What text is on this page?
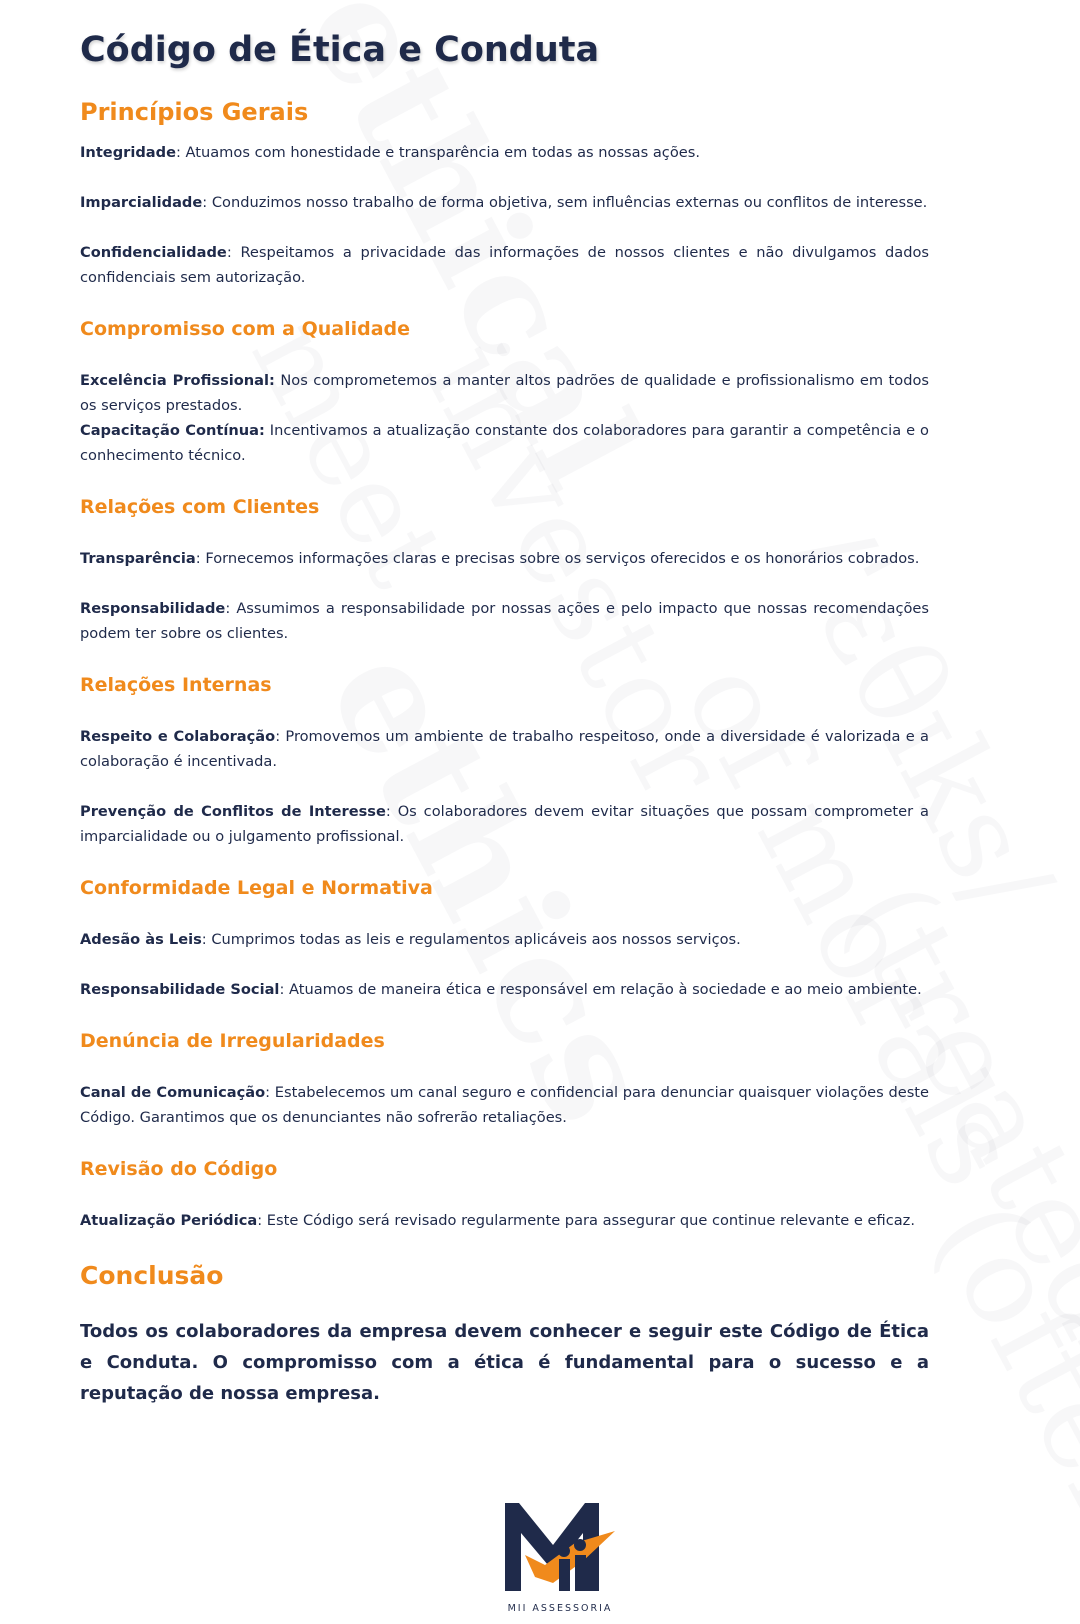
Código de Ética e Conduta
Princípios Gerais

Integridade: Atuamos com honestidade e transparência em todas as nossas ações.

Imparcialidade: Conduzimos nosso trabalho de forma objetiva, sem influências externas ou conflitos de interesse.

Confidencialidade: Respeitamos a privacidade das informações de nossos clientes e não divulgamos dados confidenciais sem autorização.

Compromisso com a Qualidade

Excelência Profissional: Nos comprometemos a manter altos padrões de qualidade e profissionalismo em todos os serviços prestados.

Capacitação Contínua: Incentivamos a atualização constante dos colaboradores para garantir a competência e o conhecimento técnico.

Relações com Clientes

Transparência: Fornecemos informações claras e precisas sobre os serviços oferecidos e os honorários cobrados.

Responsabilidade: Assumimos a responsabilidade por nossas ações e pelo impacto que nossas recomendações podem ter sobre os clientes.

Relações Internas

Respeito e Colaboração: Promovemos um ambiente de trabalho respeitoso, onde a diversidade é valorizada e a colaboração é incentivada.

Prevenção de Conflitos de Interesse: Os colaboradores devem evitar situações que possam comprometer a imparcialidade ou o julgamento profissional.

Conformidade Legal e Normativa

Adesão às Leis: Cumprimos todas as leis e regulamentos aplicáveis aos nossos serviços.

Responsabilidade Social: Atuamos de maneira ética e responsável em relação à sociedade e ao meio ambiente.

Denúncia de Irregularidades

Canal de Comunicação: Estabelecemos um canal seguro e confidencial para denunciar quaisquer violações deste Código. Garantimos que os denunciantes não sofrerão retaliações.

Revisão do Código

Atualização Periódica: Este Código será revisado regularmente para assegurar que continue relevante e eficaz.

Conclusão

Todos os colaboradores da empresa devem conhecer e seguir este Código de Ética e Conduta. O compromisso com a ética é fundamental para o sucesso e a reputação de nossa empresa.

MII ASSESSORIA
